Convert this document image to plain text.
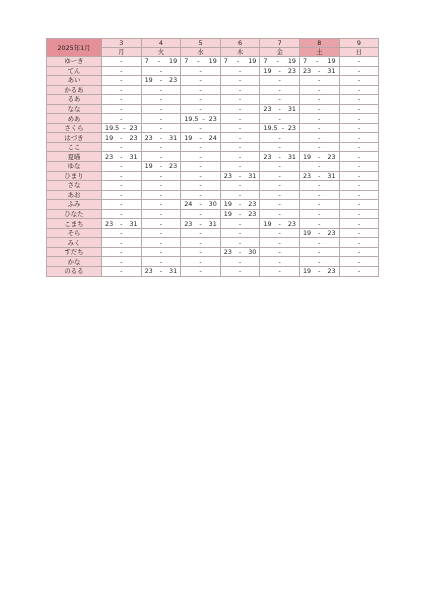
2025年1月	3	4	5	6	7	8	9
	月	火	水	木	金	土	日
ゆーき	-	7 - 19	7 - 19	7 - 19	7 - 19	7 - 19	-

てん	-	-	-	-	19 - 23	23 - 31	-

あい	-	19 - 23	-	-	-	-	-

かるあ	-	-	-	-	-	-	-

るあ	-	-	-	-	-	-	-

なな	-	-	-	-	23 - 31	-	-

めあ	-	-	19.5 - 23	-	-	-	-

さくら	19.5 - 23	-	-	-	19.5 - 23	-	-

はづき	19 - 23	23 - 31	19 - 24	-	-	-	-

ここ	-	-	-	-	-	-	-

夏喵	23 - 31	-	-	-	23 - 31	19 - 23	-

ゆな	-	19 - 23	-	-	-	-	-

ひまり	-	-	-	23 - 31	-	23 - 31	-

さな	-	-	-	-	-	-	-

あお	-	-	-	-	-	-	-

ふみ	-	-	24 - 30	19 - 23	-	-	-

ひなた	-	-	-	19 - 23	-	-	-

こまち	23 - 31	-	23 - 31	-	19 - 23	-	-

そら	-	-	-	-	-	19 - 23	-

みく	-	-	-	-	-	-	-

すだち	-	-	-	23 - 30	-	-	-

かな	-	-	-	-	-	-	-

のるる	-	23 - 31	-	-	-	19 - 23	-
